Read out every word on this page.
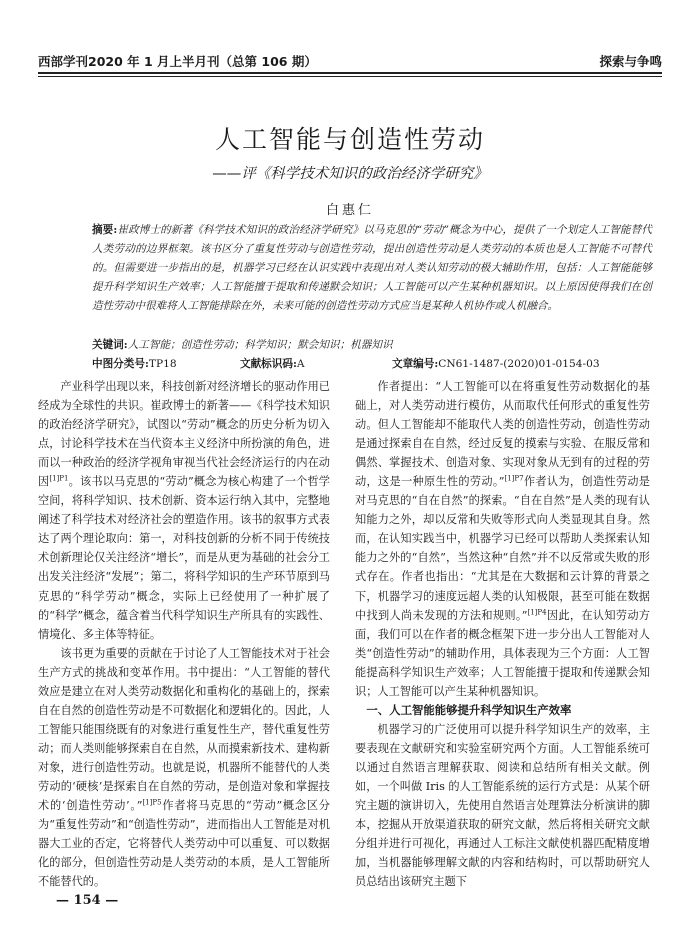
西部学刊2020 年 1 月上半月刊（总第 106 期）	探索与争鸣
人工智能与创造性劳动
——评《科学技术知识的政治经济学研究》
白惠仁
摘要:崔政博士的新著《科学技术知识的政治经济学研究》以马克思的“劳动”概念为中心，提供了一个划定人工智能替代人类劳动的边界框架。该书区分了重复性劳动与创造性劳动，提出创造性劳动是人类劳动的本质也是人工智能不可替代的。但需要进一步指出的是，机器学习已经在认识实践中表现出对人类认知劳动的极大辅助作用，包括：人工智能能够提升科学知识生产效率；人工智能擅于提取和传递默会知识；人工智能可以产生某种机器知识。以上原因使得我们在创造性劳动中很难将人工智能排除在外，未来可能的创造性劳动方式应当是某种人机协作或人机融合。
关键词:人工智能；创造性劳动；科学知识；默会知识；机器知识
中图分类号:TP18	文献标识码:A	文章编号:CN61-1487-(2020)01-0154-03

产业科学出现以来，科技创新对经济增长的驱动作用已经成为全球性的共识。崔政博士的新著——《科学技术知识的政治经济学研究》，试图以“劳动”概念的历史分析为切入点，讨论科学技术在当代资本主义经济中所扮演的角色，进而以一种政治的经济学视角审视当代社会经济运行的内在动因$^{[1]P1}$。该书以马克思的“劳动”概念为核心构建了一个哲学空间，将科学知识、技术创新、资本运行纳入其中，完整地阐述了科学技术对经济社会的塑造作用。该书的叙事方式表达了两个理论取向：第一，对科技创新的分析不同于传统技术创新理论仅关注经济“增长”，而是从更为基础的社会分工出发关注经济“发展”；第二，将科学知识的生产环节原到马克思的“科学劳动”概念，实际上已经使用了一种扩展了的“科学”概念，蕴含着当代科学知识生产所具有的实践性、情境化、多主体等特征。

该书更为重要的贡献在于讨论了人工智能技术对于社会生产方式的挑战和变革作用。书中提出：“人工智能的替代效应是建立在对人类劳动数据化和重构化的基础上的，探索自在自然的创造性劳动是不可数据化和逻辑化的。因此，人工智能只能围绕既有的对象进行重复性生产，替代重复性劳动；而人类则能够探索自在自然，从而摸索新技术、建构新对象，进行创造性劳动。也就是说，机器所不能替代的人类劳动的‘硬核’是探索自在自然的劳动，是创造对象和掌握技术的‘创造性劳动’。”$^{[1]P5}$作者将马克思的“劳动”概念区分为“重复性劳动”和“创造性劳动”，进而指出人工智能是对机器大工业的否定，它将替代人类劳动中可以重复、可以数据化的部分，但创造性劳动是人类劳动的本质，是人工智能所不能替代的。

作者提出：“人工智能可以在将重复性劳动数据化的基础上，对人类劳动进行模仿，从而取代任何形式的重复性劳动。但人工智能却不能取代人类的创造性劳动，创造性劳动是通过探索自在自然，经过反复的摸索与实验、在服反常和偶然、掌握技术、创造对象、实现对象从无到有的过程的劳动，这是一种原生性的劳动。”$^{[1]P7}$作者认为，创造性劳动是对马克思的“自在自然”的探索。“自在自然”是人类的现有认知能力之外，却以反常和失败等形式向人类显现其自身。然而，在认知实践当中，机器学习已经可以帮助人类探索认知能力之外的“自然”，当然这种“自然”并不以反常或失败的形式存在。作者也指出：“尤其是在大数据和云计算的背景之下，机器学习的速度远超人类的认知极限，甚至可能在数据中找到人尚未发现的方法和规则。”$^{[1]P4}$因此，在认知劳动方面，我们可以在作者的概念框架下进一步分出人工智能对人类“创造性劳动”的辅助作用，具体表现为三个方面：人工智能提高科学知识生产效率；人工智能擅于提取和传递默会知识；人工智能可以产生某种机器知识。

一、人工智能能够提升科学知识生产效率

机器学习的广泛使用可以提升科学知识生产的效率，主要表现在文献研究和实验室研究两个方面。人工智能系统可以通过自然语言理解获取、阅读和总结所有相关文献。例如，一个叫做 Iris 的人工智能系统的运行方式是：从某个研究主题的演讲切入，先使用自然语言处理算法分析演讲的脚本，挖掘从开放渠道获取的研究文献，然后将相关研究文献分组并进行可视化，再通过人工标注文献使机器匹配精度增加，当机器能够理解文献的内容和结构时，可以帮助研究人员总结出该研究主题下

— 154 —
